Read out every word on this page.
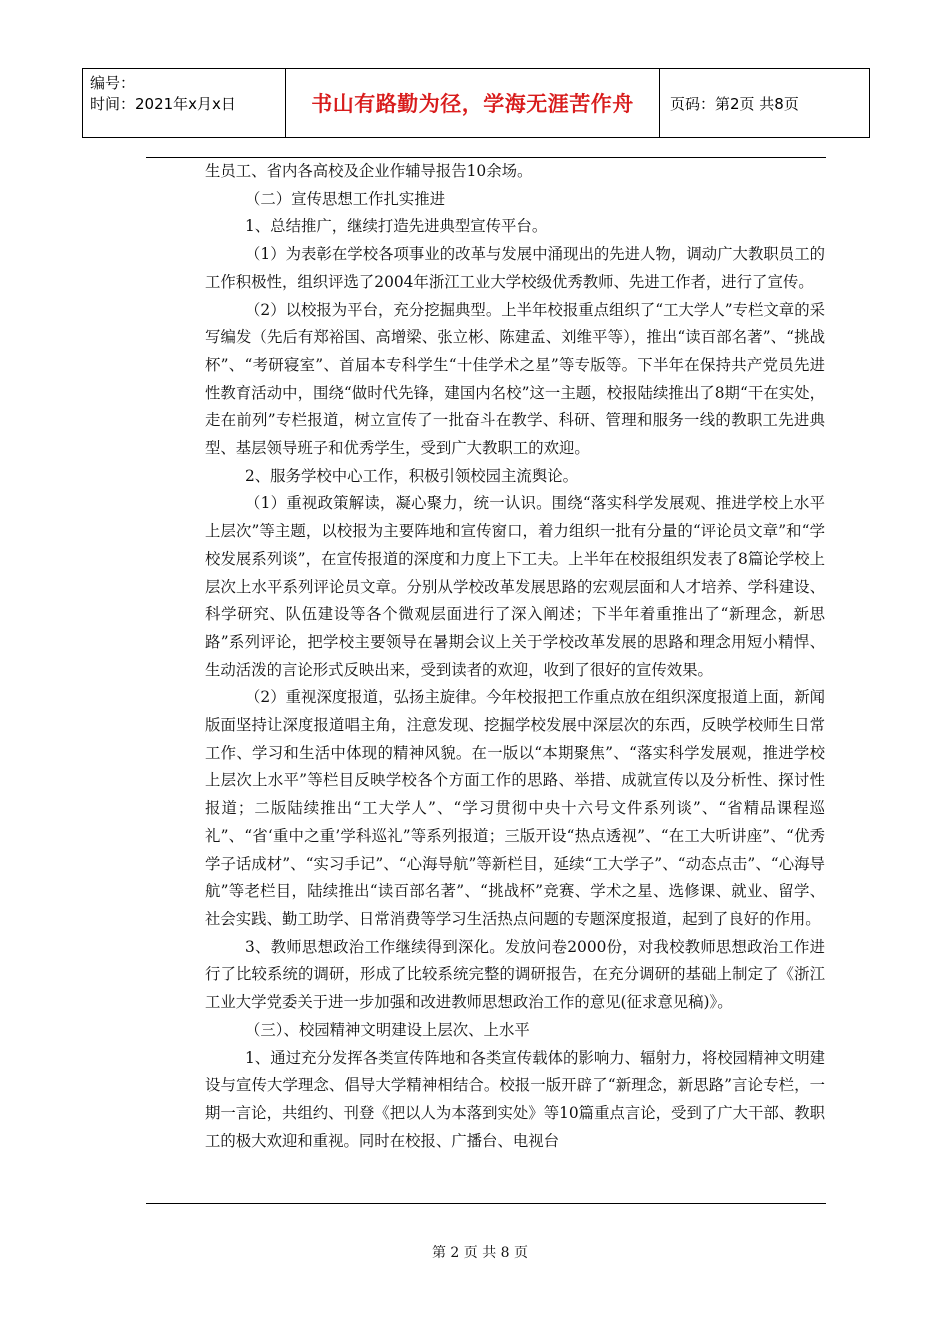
编号：
时间：2021年x月x日	书山有路勤为径，学海无涯苦作舟	页码：第2页 共8页

生员工、省内各高校及企业作辅导报告10余场。

（二）宣传思想工作扎实推进

1、总结推广，继续打造先进典型宣传平台。

（1）为表彰在学校各项事业的改革与发展中涌现出的先进人物，调动广大教职员工的工作积极性，组织评选了2004年浙江工业大学校级优秀教师、先进工作者，进行了宣传。

（2）以校报为平台，充分挖掘典型。上半年校报重点组织了“工大学人”专栏文章的采写编发（先后有郑裕国、高增梁、张立彬、陈建孟、刘维平等），推出“读百部名著”、“挑战杯”、“考研寝室”、首届本专科学生“十佳学术之星”等专版等。下半年在保持共产党员先进性教育活动中，围绕“做时代先锋，建国内名校”这一主题，校报陆续推出了8期“干在实处，走在前列”专栏报道，树立宣传了一批奋斗在教学、科研、管理和服务一线的教职工先进典型、基层领导班子和优秀学生，受到广大教职工的欢迎。

2、服务学校中心工作，积极引领校园主流舆论。

（1）重视政策解读，凝心聚力，统一认识。围绕“落实科学发展观、推进学校上水平上层次”等主题，以校报为主要阵地和宣传窗口，着力组织一批有分量的“评论员文章”和“学校发展系列谈”，在宣传报道的深度和力度上下工夫。上半年在校报组织发表了8篇论学校上层次上水平系列评论员文章。分别从学校改革发展思路的宏观层面和人才培养、学科建设、科学研究、队伍建设等各个微观层面进行了深入阐述；下半年着重推出了“新理念，新思路”系列评论，把学校主要领导在暑期会议上关于学校改革发展的思路和理念用短小精悍、生动活泼的言论形式反映出来，受到读者的欢迎，收到了很好的宣传效果。

（2）重视深度报道，弘扬主旋律。今年校报把工作重点放在组织深度报道上面，新闻版面坚持让深度报道唱主角，注意发现、挖掘学校发展中深层次的东西，反映学校师生日常工作、学习和生活中体现的精神风貌。在一版以“本期聚焦”、“落实科学发展观，推进学校上层次上水平”等栏目反映学校各个方面工作的思路、举措、成就宣传以及分析性、探讨性报道；二版陆续推出“工大学人”、“学习贯彻中央十六号文件系列谈”、“省精品课程巡礼”、“省‘重中之重’学科巡礼”等系列报道；三版开设“热点透视”、“在工大听讲座”、“优秀学子话成材”、“实习手记”、“心海导航”等新栏目，延续“工大学子”、“动态点击”、“心海导航”等老栏目，陆续推出“读百部名著”、“挑战杯”竞赛、学术之星、选修课、就业、留学、社会实践、勤工助学、日常消费等学习生活热点问题的专题深度报道，起到了良好的作用。

3、教师思想政治工作继续得到深化。发放问卷2000份，对我校教师思想政治工作进行了比较系统的调研，形成了比较系统完整的调研报告，在充分调研的基础上制定了《浙江工业大学党委关于进一步加强和改进教师思想政治工作的意见(征求意见稿)》。

（三）、校园精神文明建设上层次、上水平

1、通过充分发挥各类宣传阵地和各类宣传载体的影响力、辐射力，将校园精神文明建设与宣传大学理念、倡导大学精神相结合。校报一版开辟了“新理念，新思路”言论专栏，一期一言论，共组约、刊登《把以人为本落到实处》等10篇重点言论，受到了广大干部、教职工的极大欢迎和重视。同时在校报、广播台、电视台

第 2 页 共 8 页
